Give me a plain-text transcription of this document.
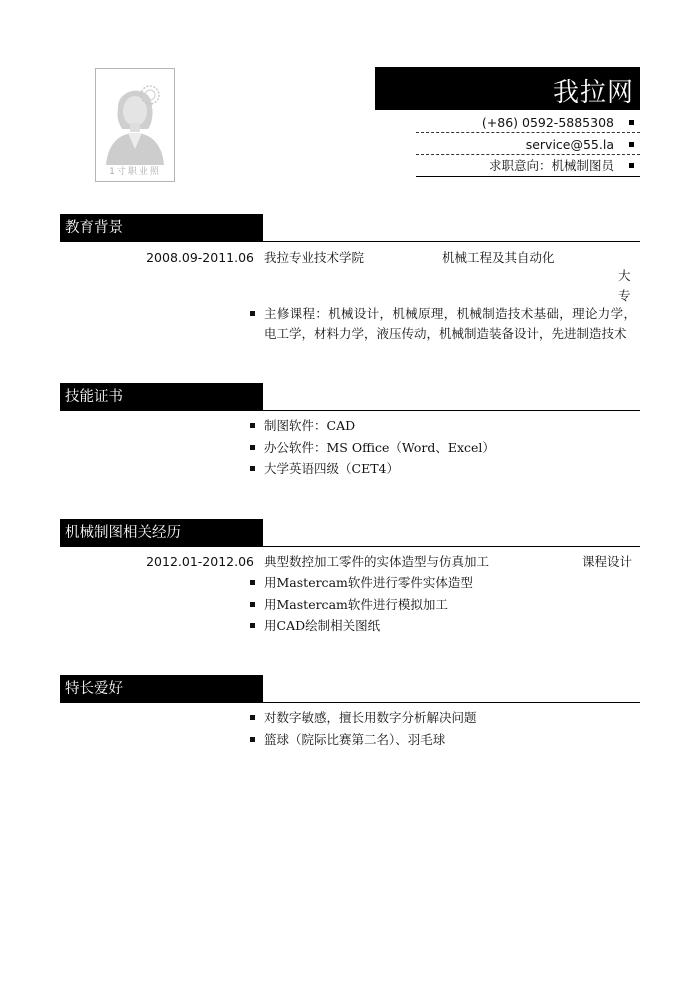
1寸职业照
我拉网
(+86) 0592-5885308
service@55.la
求职意向：机械制图员
教育背景
2008.09-2011.06 我拉专业技术学院	机械工程及其自动化
大
专
主修课程：机械设计，机械原理，机械制造技术基础，理论力学，电工学，材料力学，液压传动，机械制造装备设计，先进制造技术
技能证书
制图软件：CAD
办公软件：MS Office（Word、Excel）
大学英语四级（CET4）
机械制图相关经历
2012.01-2012.06 典型数控加工零件的实体造型与仿真加工	课程设计
用Mastercam软件进行零件实体造型
用Mastercam软件进行模拟加工
用CAD绘制相关图纸
特长爱好
对数字敏感，擅长用数字分析解决问题
篮球（院际比赛第二名）、羽毛球
